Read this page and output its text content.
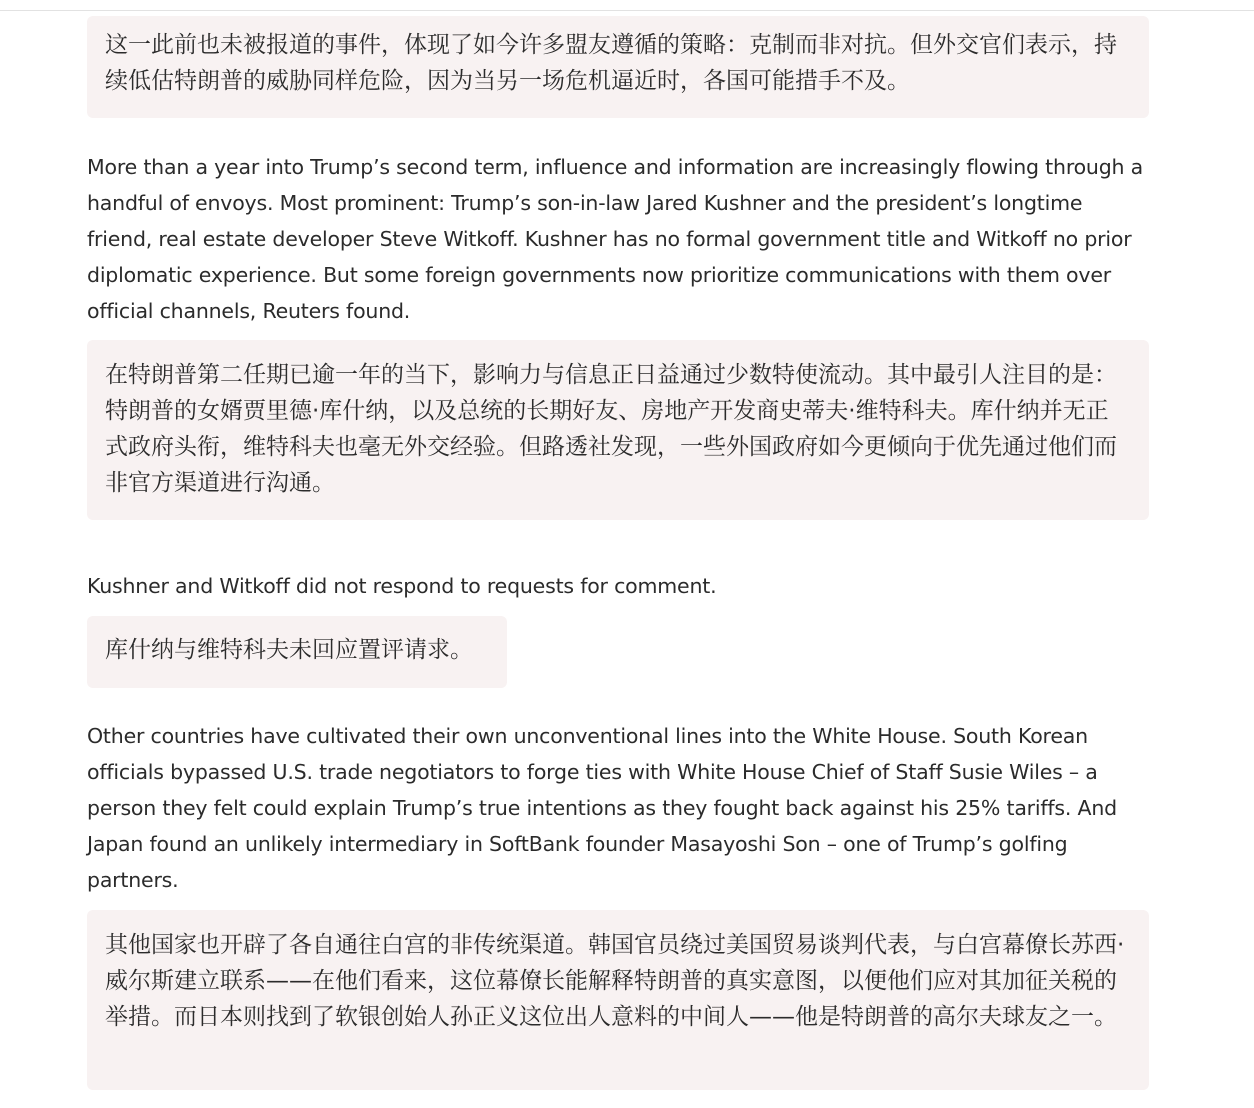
这一此前也未被报道的事件，体现了如今许多盟友遵循的策略：克制而非对抗。但外交官们表示，持续低估特朗普的威胁同样危险，因为当另一场危机逼近时，各国可能措手不及。

More than a year into Trump’s second term, influence and information are increasingly flowing through a handful of envoys. Most prominent: Trump’s son-in-law Jared Kushner and the president’s longtime friend, real estate developer Steve Witkoff. Kushner has no formal government title and Witkoff no prior diplomatic experience. But some foreign governments now prioritize communications with them over official channels, Reuters found.

在特朗普第二任期已逾一年的当下，影响力与信息正日益通过少数特使流动。其中最引人注目的是：特朗普的女婿贾里德·库什纳，以及总统的长期好友、房地产开发商史蒂夫·维特科夫。库什纳并无正式政府头衔，维特科夫也毫无外交经验。但路透社发现，一些外国政府如今更倾向于优先通过他们而非官方渠道进行沟通。

Kushner and Witkoff did not respond to requests for comment.

库什纳与维特科夫未回应置评请求。

Other countries have cultivated their own unconventional lines into the White House. South Korean officials bypassed U.S. trade negotiators to forge ties with White House Chief of Staff Susie Wiles – a person they felt could explain Trump’s true intentions as they fought back against his 25% tariffs. And Japan found an unlikely intermediary in SoftBank founder Masayoshi Son – one of Trump’s golfing partners.

其他国家也开辟了各自通往白宫的非传统渠道。韩国官员绕过美国贸易谈判代表，与白宫幕僚长苏西·威尔斯建立联系——在他们看来，这位幕僚长能解释特朗普的真实意图，以便他们应对其加征关税的举措。而日本则找到了软银创始人孙正义这位出人意料的中间人——他是特朗普的高尔夫球友之一。
